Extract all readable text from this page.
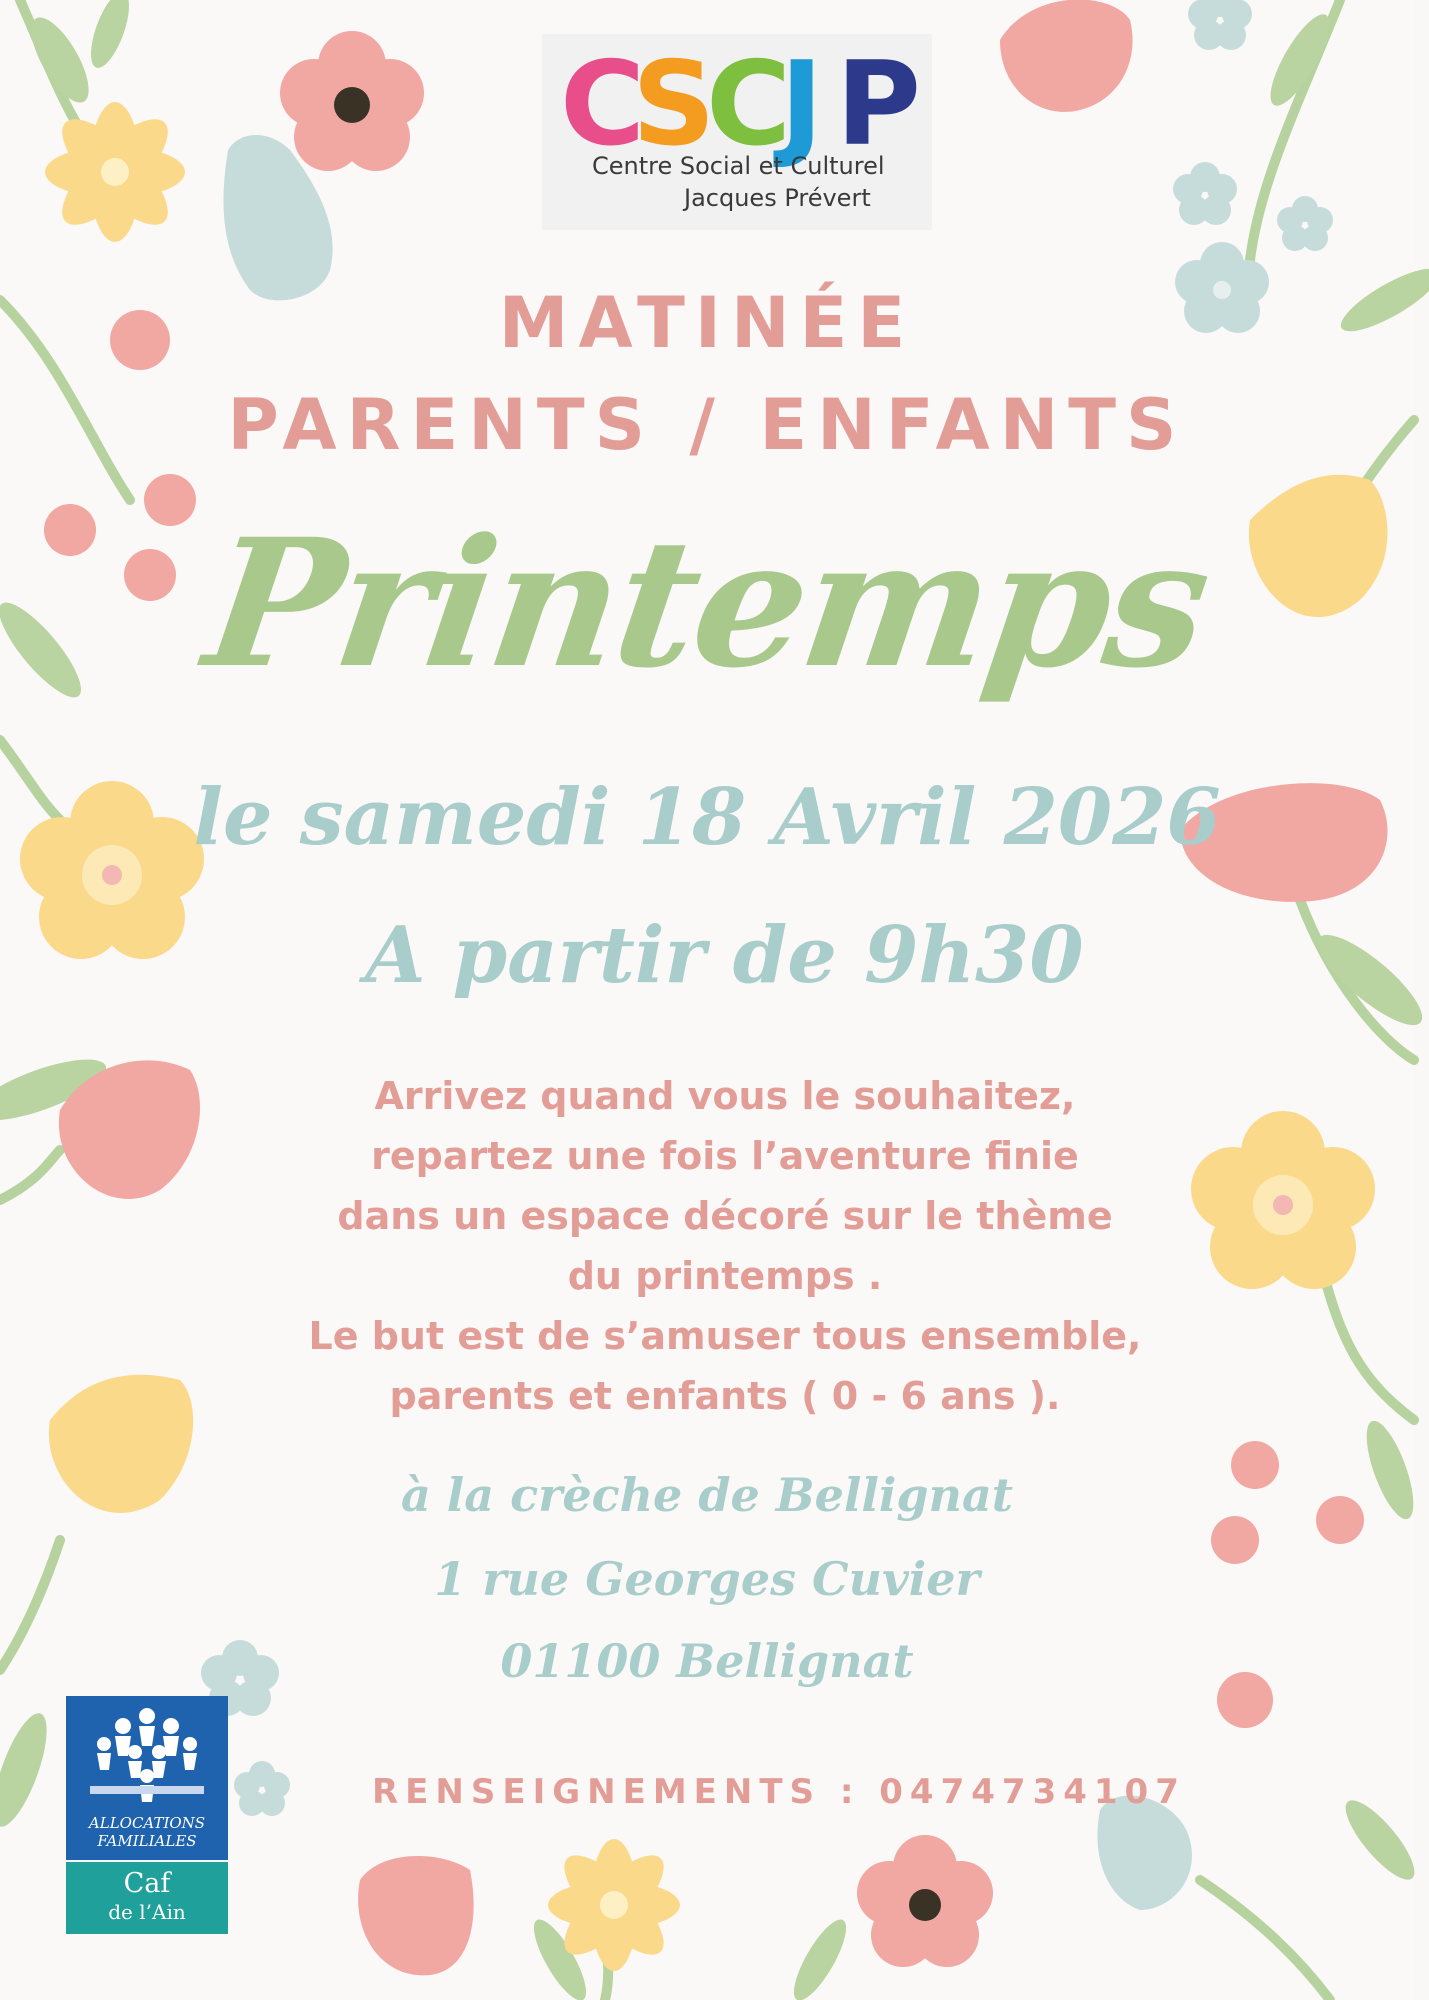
C
S
C
J P
Centre Social et Culturel
Jacques Prévert
MATINÉE
PARENTS / ENFANTS
Printemps
le samedi 18 Avril 2026
A partir de 9h30
Arrivez quand vous le souhaitez,
repartez une fois l’aventure finie
dans un espace décoré sur le thème
du printemps .
Le but est de s’amuser tous ensemble,
parents et enfants ( 0 - 6 ans ).
à la crèche de Bellignat
1 rue Georges Cuvier
01100 Bellignat
RENSEIGNEMENTS : 0474734107
ALLOCATIONS
FAMILIALES
Caf
de l’Ain
